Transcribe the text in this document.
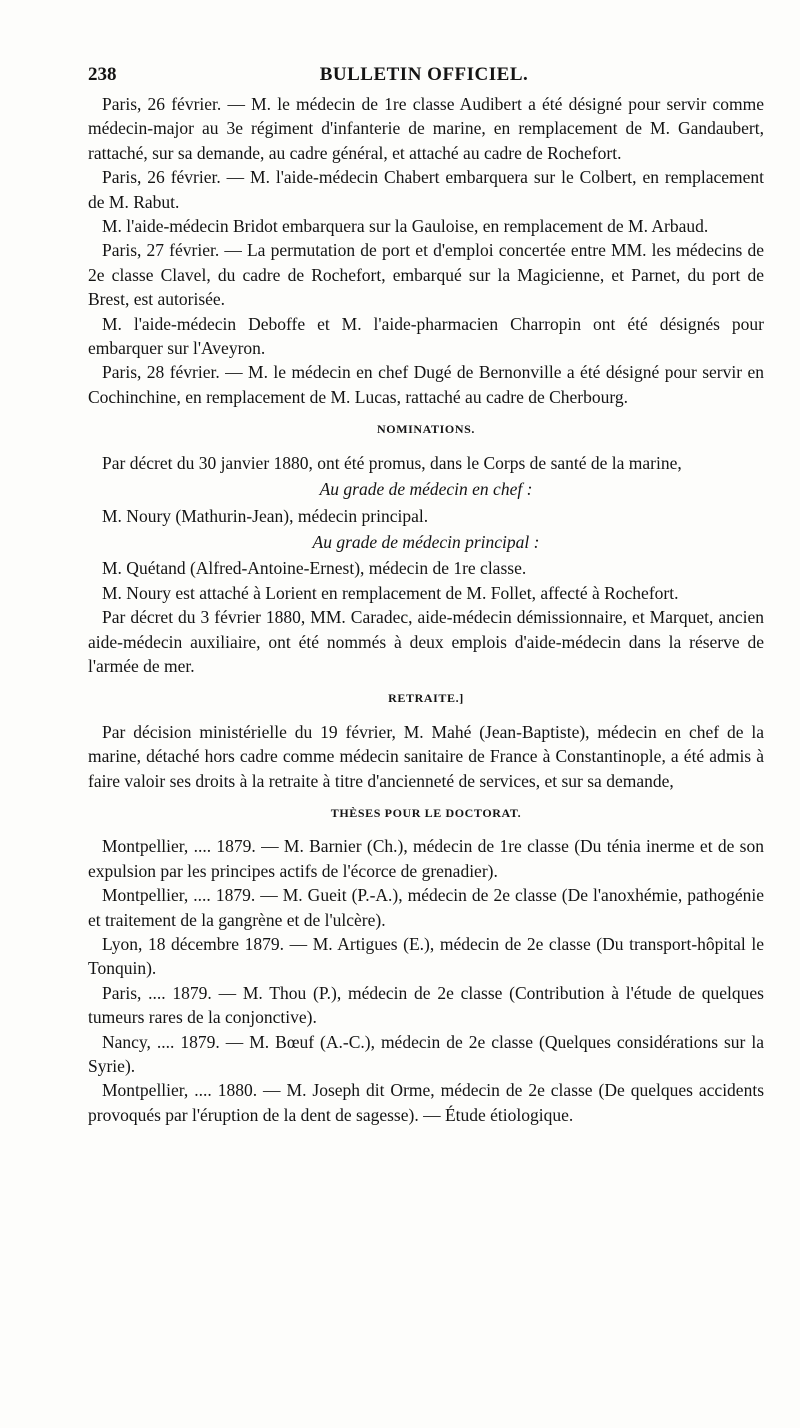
238	BULLETIN OFFICIEL.

Paris, 26 février. — M. le médecin de 1re classe Audibert a été désigné pour servir comme médecin-major au 3e régiment d'infanterie de marine, en remplacement de M. Gandaubert, rattaché, sur sa demande, au cadre général, et attaché au cadre de Rochefort.

Paris, 26 février. — M. l'aide-médecin Chabert embarquera sur le Colbert, en remplacement de M. Rabut.

M. l'aide-médecin Bridot embarquera sur la Gauloise, en remplacement de M. Arbaud.

Paris, 27 février. — La permutation de port et d'emploi concertée entre MM. les médecins de 2e classe Clavel, du cadre de Rochefort, embarqué sur la Magicienne, et Parnet, du port de Brest, est autorisée.

M. l'aide-médecin Deboffe et M. l'aide-pharmacien Charropin ont été désignés pour embarquer sur l'Aveyron.

Paris, 28 février. — M. le médecin en chef Dugé de Bernonville a été désigné pour servir en Cochinchine, en remplacement de M. Lucas, rattaché au cadre de Cherbourg.

NOMINATIONS.

Par décret du 30 janvier 1880, ont été promus, dans le Corps de santé de la marine,

Au grade de médecin en chef :

M. Noury (Mathurin-Jean), médecin principal.

Au grade de médecin principal :

M. Quétand (Alfred-Antoine-Ernest), médecin de 1re classe.

M. Noury est attaché à Lorient en remplacement de M. Follet, affecté à Rochefort.

Par décret du 3 février 1880, MM. Caradec, aide-médecin démissionnaire, et Marquet, ancien aide-médecin auxiliaire, ont été nommés à deux emplois d'aide-médecin dans la réserve de l'armée de mer.

RETRAITE.]

Par décision ministérielle du 19 février, M. Mahé (Jean-Baptiste), médecin en chef de la marine, détaché hors cadre comme médecin sanitaire de France à Constantinople, a été admis à faire valoir ses droits à la retraite à titre d'ancienneté de services, et sur sa demande,

THÈSES POUR LE DOCTORAT.

Montpellier, .... 1879. — M. Barnier (Ch.), médecin de 1re classe (Du ténia inerme et de son expulsion par les principes actifs de l'écorce de grenadier).

Montpellier, .... 1879. — M. Gueit (P.-A.), médecin de 2e classe (De l'anoxhémie, pathogénie et traitement de la gangrène et de l'ulcère).

Lyon, 18 décembre 1879. — M. Artigues (E.), médecin de 2e classe (Du transport-hôpital le Tonquin).

Paris, .... 1879. — M. Thou (P.), médecin de 2e classe (Contribution à l'étude de quelques tumeurs rares de la conjonctive).

Nancy, .... 1879. — M. Bœuf (A.-C.), médecin de 2e classe (Quelques considérations sur la Syrie).

Montpellier, .... 1880. — M. Joseph dit Orme, médecin de 2e classe (De quelques accidents provoqués par l'éruption de la dent de sagesse). — Étude étiologique.
